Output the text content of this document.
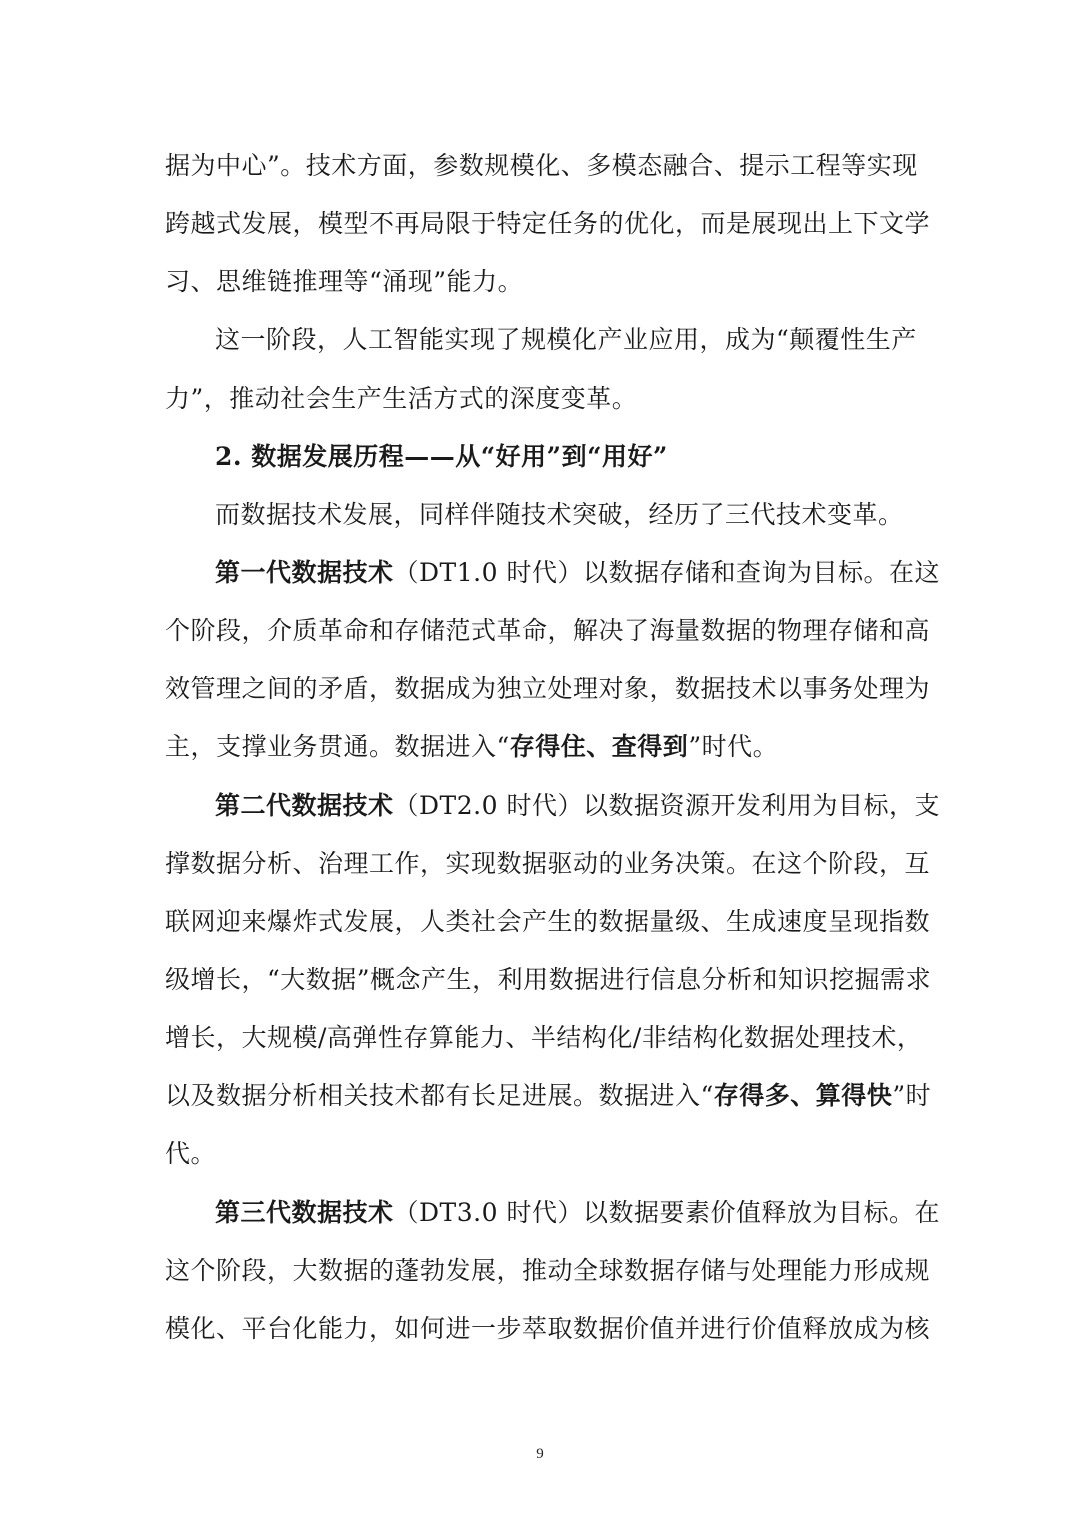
据为中心”。技术方面，参数规模化、多模态融合、提示工程等实现
跨越式发展，模型不再局限于特定任务的优化，而是展现出上下文学
习、思维链推理等“涌现”能力。
这一阶段，人工智能实现了规模化产业应用，成为“颠覆性生产
力”，推动社会生产生活方式的深度变革。
2. 数据发展历程——从“好用”到“用好”
而数据技术发展，同样伴随技术突破，经历了三代技术变革。
第一代数据技术（DT1.0 时代）以数据存储和查询为目标。在这
个阶段，介质革命和存储范式革命，解决了海量数据的物理存储和高
效管理之间的矛盾，数据成为独立处理对象，数据技术以事务处理为
主，支撑业务贯通。数据进入“存得住、查得到”时代。
第二代数据技术（DT2.0 时代）以数据资源开发利用为目标，支
撑数据分析、治理工作，实现数据驱动的业务决策。在这个阶段，互
联网迎来爆炸式发展，人类社会产生的数据量级、生成速度呈现指数
级增长，“大数据”概念产生，利用数据进行信息分析和知识挖掘需求
增长，大规模/高弹性存算能力、半结构化/非结构化数据处理技术，
以及数据分析相关技术都有长足进展。数据进入“存得多、算得快”时
代。
第三代数据技术（DT3.0 时代）以数据要素价值释放为目标。在
这个阶段，大数据的蓬勃发展，推动全球数据存储与处理能力形成规
模化、平台化能力，如何进一步萃取数据价值并进行价值释放成为核
9
